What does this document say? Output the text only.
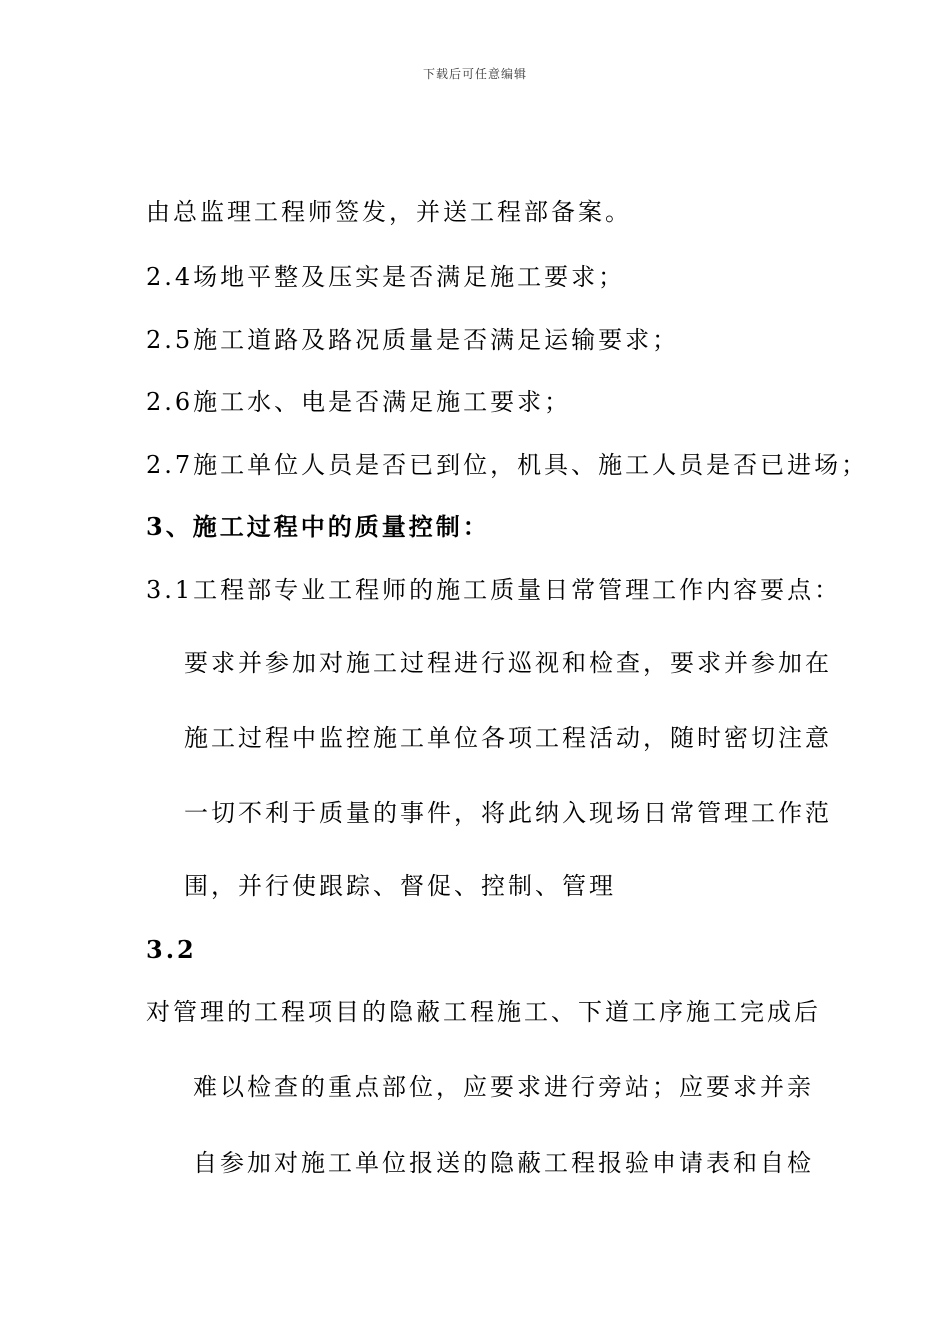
下载后可任意编辑
由总监理工程师签发，并送工程部备案。
2.4场地平整及压实是否满足施工要求；
2.5施工道路及路况质量是否满足运输要求；
2.6施工水、电是否满足施工要求；
2.7施工单位人员是否已到位，机具、施工人员是否已进场；
3、施工过程中的质量控制：
3.1工程部专业工程师的施工质量日常管理工作内容要点：
要求并参加对施工过程进行巡视和检查，要求并参加在
施工过程中监控施工单位各项工程活动，随时密切注意
一切不利于质量的事件，将此纳入现场日常管理工作范
围，并行使跟踪、督促、控制、管理
3.2
对管理的工程项目的隐蔽工程施工、下道工序施工完成后
难以检查的重点部位，应要求进行旁站；应要求并亲
自参加对施工单位报送的隐蔽工程报验申请表和自检
